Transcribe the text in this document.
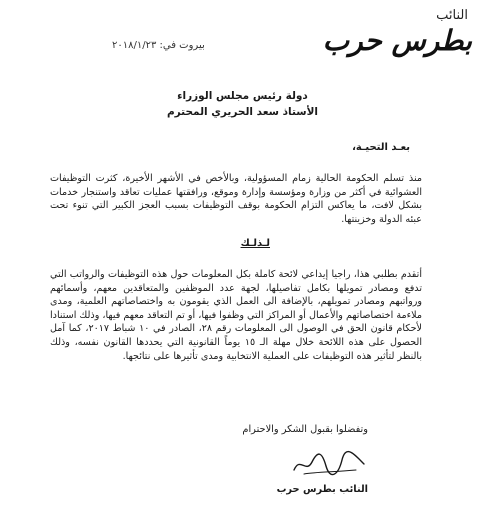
النائب
بطرس حرب
بيروت في: ٢٠١٨/١/٢٣
دولة رئيس مجلس الوزراء
الأستاذ سعد الحريري المحترم
بعـد التحيـة،
منذ تسلم الحكومة الحالية زمام المسؤولية، وبالأخص في الأشهر الأخيرة، كثرت التوظيفات العشوائية في أكثر من وزارة ومؤسسة وإدارة وموقع، ورافقتها عمليات تعاقد واستنجار خدمات بشكل لافت، ما يعاكس التزام الحكومة بوقف التوظيفات بسبب العجز الكبير التي تنوء تحت عبئه الدولة وخزينتها.
لـذلـك
أتقدم بطلبي هذا، راجيا إيداعي لائحة كاملة بكل المعلومات حول هذه التوظيفات والرواتب التي تدفع ومصادر تمويلها بكامل تفاصيلها، لجهة عدد الموظفين والمتعاقدين معهم، وأسمائهم ورواتبهم ومصادر تمويلهم، بالإضافة الى العمل الذي يقومون به واختصاصاتهم العلمية، ومدى ملاءمة اختصاصاتهم والأعمال أو المراكز التي وظفوا فيها، أو تم التعاقد معهم فيها، وذلك استنادا لأحكام قانون الحق في الوصول الى المعلومات رقم ٢٨، الصادر في ١٠ شباط ٢٠١٧، كما آمل الحصول على هذه اللائحة خلال مهلة الـ ١٥ يوماً القانونية التي يحددها القانون نفسه، وذلك بالنظر لتأثير هذه التوظيفات على العملية الانتخابية ومدى تأثيرها على نتائجها.
وتفضلوا بقبول الشكر والاحترام
النائب بطرس حرب
